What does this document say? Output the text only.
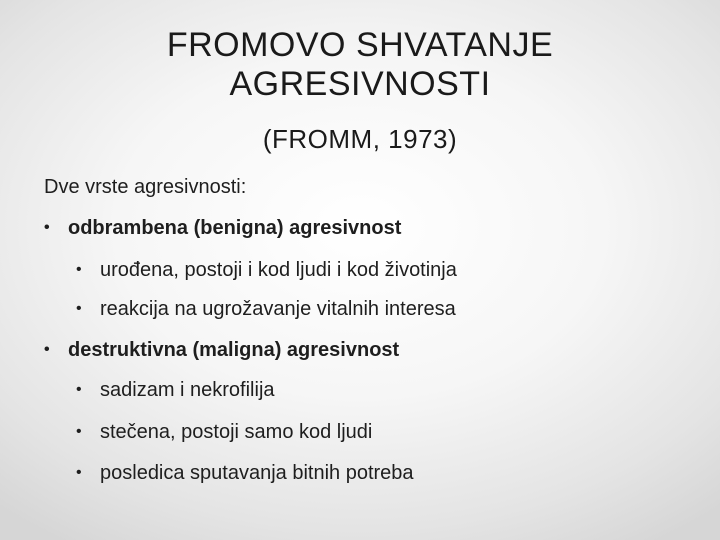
FROMOVO SHVATANJE
AGRESIVNOSTI
(FROMM, 1973)
Dve vrste agresivnosti:
• odbrambena (benigna) agresivnost
• urođena, postoji i kod ljudi i kod životinja
• reakcija na ugrožavanje vitalnih interesa
• destruktivna (maligna) agresivnost
• sadizam i nekrofilija
• stečena, postoji samo kod ljudi
• posledica sputavanja bitnih potreba
